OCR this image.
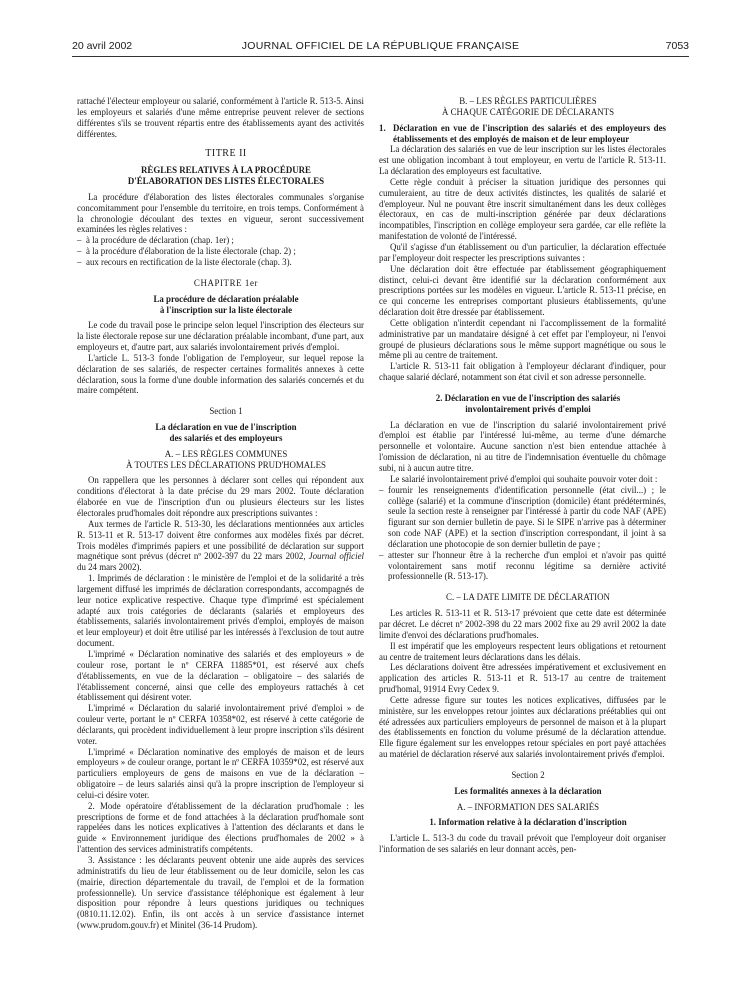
20 avril 2002	JOURNAL OFFICIEL DE LA RÉPUBLIQUE FRANÇAISE	7053

rattaché l'électeur employeur ou salarié, conformément à l'article R. 513-5. Ainsi les employeurs et salariés d'une même entreprise peuvent relever de sections différentes s'ils se trouvent répartis entre des établissements ayant des activités différentes.

TITRE II

RÈGLES RELATIVES À LA PROCÉDURE

D'ÉLABORATION DES LISTES ÉLECTORALES

La procédure d'élaboration des listes électorales communales s'organise concomitamment pour l'ensemble du territoire, en trois temps. Conformément à la chronologie découlant des textes en vigueur, seront successivement examinées les règles relatives :

– à la procédure de déclaration (chap. 1er) ;

– à la procédure d'élaboration de la liste électorale (chap. 2) ;

– aux recours en rectification de la liste électorale (chap. 3).

CHAPITRE 1er

La procédure de déclaration préalable

à l'inscription sur la liste électorale

Le code du travail pose le principe selon lequel l'inscription des électeurs sur la liste électorale repose sur une déclaration préalable incombant, d'une part, aux employeurs et, d'autre part, aux salariés involontairement privés d'emploi.

L'article L. 513-3 fonde l'obligation de l'employeur, sur lequel repose la déclaration de ses salariés, de respecter certaines formalités annexes à cette déclaration, sous la forme d'une double information des salariés concernés et du maire compétent.

Section 1

La déclaration en vue de l'inscription

des salariés et des employeurs

A. – LES RÈGLES COMMUNES

À TOUTES LES DÉCLARATIONS PRUD'HOMALES

On rappellera que les personnes à déclarer sont celles qui répondent aux conditions d'électorat à la date précise du 29 mars 2002. Toute déclaration élaborée en vue de l'inscription d'un ou plusieurs électeurs sur les listes électorales prud'homales doit répondre aux prescriptions suivantes :

Aux termes de l'article R. 513-30, les déclarations mentionnées aux articles R. 513-11 et R. 513-17 doivent être conformes aux modèles fixés par décret. Trois modèles d'imprimés papiers et une possibilité de déclaration sur support magnétique sont prévus (décret nº 2002-397 du 22 mars 2002, Journal officiel du 24 mars 2002).

1. Imprimés de déclaration : le ministère de l'emploi et de la solidarité a très largement diffusé les imprimés de déclaration correspondants, accompagnés de leur notice explicative respective. Chaque type d'imprimé est spécialement adapté aux trois catégories de déclarants (salariés et employeurs des établissements, salariés involontairement privés d'emploi, employés de maison et leur employeur) et doit être utilisé par les intéressés à l'exclusion de tout autre document.

L'imprimé « Déclaration nominative des salariés et des employeurs » de couleur rose, portant le nº CERFA 11885*01, est réservé aux chefs d'établissements, en vue de la déclaration – obligatoire – des salariés de l'établissement concerné, ainsi que celle des employeurs rattachés à cet établissement qui désirent voter.

L'imprimé « Déclaration du salarié involontairement privé d'emploi » de couleur verte, portant le nº CERFA 10358*02, est réservé à cette catégorie de déclarants, qui procèdent individuellement à leur propre inscription s'ils désirent voter.

L'imprimé « Déclaration nominative des employés de maison et de leurs employeurs » de couleur orange, portant le nº CERFA 10359*02, est réservé aux particuliers employeurs de gens de maisons en vue de la déclaration – obligatoire – de leurs salariés ainsi qu'à la propre inscription de l'employeur si celui-ci désire voter.

2. Mode opératoire d'établissement de la déclaration prud'homale : les prescriptions de forme et de fond attachées à la déclaration prud'homale sont rappelées dans les notices explicatives à l'attention des déclarants et dans le guide « Environnement juridique des élections prud'homales de 2002 » à l'attention des services administratifs compétents.

3. Assistance : les déclarants peuvent obtenir une aide auprès des services administratifs du lieu de leur établissement ou de leur domicile, selon les cas (mairie, direction départementale du travail, de l'emploi et de la formation professionnelle). Un service d'assistance téléphonique est également à leur disposition pour répondre à leurs questions juridiques ou techniques (0810.11.12.02). Enfin, ils ont accès à un service d'assistance internet (www.prudom.gouv.fr) et Minitel (36-14 Prudom).

B. – LES RÈGLES PARTICULIÈRES

À CHAQUE CATÉGORIE DE DÉCLARANTS

1. Déclaration en vue de l'inscription des salariés et des employeurs des établissements et des employés de maison et de leur employeur

La déclaration des salariés en vue de leur inscription sur les listes électorales est une obligation incombant à tout employeur, en vertu de l'article R. 513-11. La déclaration des employeurs est facultative.

Cette règle conduit à préciser la situation juridique des personnes qui cumuleraient, au titre de deux activités distinctes, les qualités de salarié et d'employeur. Nul ne pouvant être inscrit simultanément dans les deux collèges électoraux, en cas de multi-inscription générée par deux déclarations incompatibles, l'inscription en collège employeur sera gardée, car elle reflète la manifestation de volonté de l'intéressé.

Qu'il s'agisse d'un établissement ou d'un particulier, la déclaration effectuée par l'employeur doit respecter les prescriptions suivantes :

Une déclaration doit être effectuée par établissement géographiquement distinct, celui-ci devant être identifié sur la déclaration conformément aux prescriptions portées sur les modèles en vigueur. L'article R. 513-11 précise, en ce qui concerne les entreprises comportant plusieurs établissements, qu'une déclaration doit être dressée par établissement.

Cette obligation n'interdit cependant ni l'accomplissement de la formalité administrative par un mandataire désigné à cet effet par l'employeur, ni l'envoi groupé de plusieurs déclarations sous le même support magnétique ou sous le même pli au centre de traitement.

L'article R. 513-11 fait obligation à l'employeur déclarant d'indiquer, pour chaque salarié déclaré, notamment son état civil et son adresse personnelle.

2. Déclaration en vue de l'inscription des salariés

involontairement privés d'emploi

La déclaration en vue de l'inscription du salarié involontairement privé d'emploi est établie par l'intéressé lui-même, au terme d'une démarche personnelle et volontaire. Aucune sanction n'est bien entendue attachée à l'omission de déclaration, ni au titre de l'indemnisation éventuelle du chômage subi, ni à aucun autre titre.

Le salarié involontairement privé d'emploi qui souhaite pouvoir voter doit :

– fournir les renseignements d'identification personnelle (état civil...) ; le collège (salarié) et la commune d'inscription (domicile) étant prédéterminés, seule la section reste à renseigner par l'intéressé à partir du code NAF (APE) figurant sur son dernier bulletin de paye. Si le SIPE n'arrive pas à déterminer son code NAF (APE) et la section d'inscription correspondant, il joint à sa déclaration une photocopie de son dernier bulletin de paye ;

– attester sur l'honneur être à la recherche d'un emploi et n'avoir pas quitté volontairement sans motif reconnu légitime sa dernière activité professionnelle (R. 513-17).

C. – LA DATE LIMITE DE DÉCLARATION

Les articles R. 513-11 et R. 513-17 prévoient que cette date est déterminée par décret. Le décret nº 2002-398 du 22 mars 2002 fixe au 29 avril 2002 la date limite d'envoi des déclarations prud'homales.

Il est impératif que les employeurs respectent leurs obligations et retournent au centre de traitement leurs déclarations dans les délais.

Les déclarations doivent être adressées impérativement et exclusivement en application des articles R. 513-11 et R. 513-17 au centre de traitement prud'homal, 91914 Evry Cedex 9.

Cette adresse figure sur toutes les notices explicatives, diffusées par le ministère, sur les enveloppes retour jointes aux déclarations préétablies qui ont été adressées aux particuliers employeurs de personnel de maison et à la plupart des établissements en fonction du volume présumé de la déclaration attendue. Elle figure également sur les enveloppes retour spéciales en port payé attachées au matériel de déclaration réservé aux salariés involontairement privés d'emploi.

Section 2

Les formalités annexes à la déclaration

A. – INFORMATION DES SALARIÉS

1. Information relative à la déclaration d'inscription

L'article L. 513-3 du code du travail prévoit que l'employeur doit organiser l'information de ses salariés en leur donnant accès, pen-
